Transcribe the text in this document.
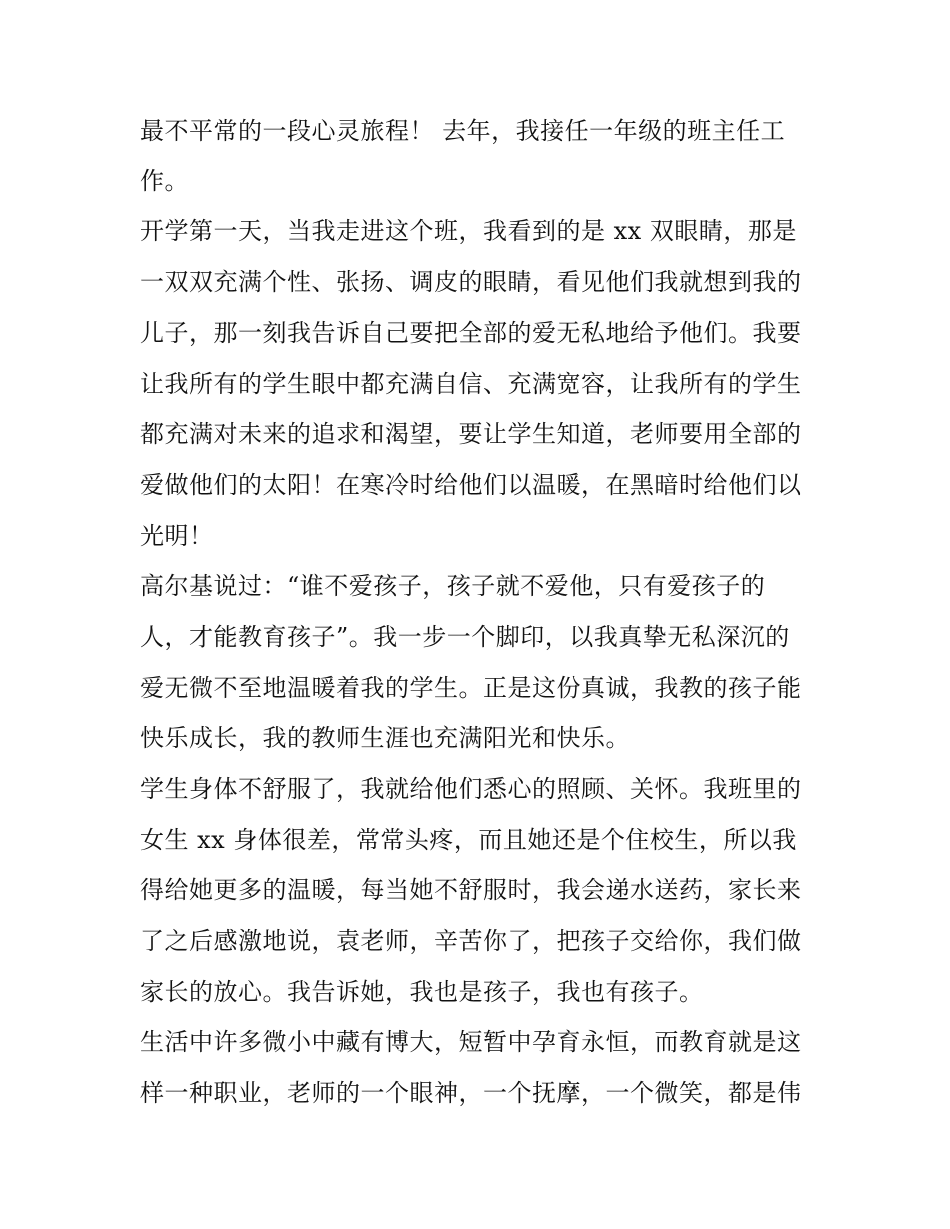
最不平常的一段心灵旅程！ 去年，我接任一年级的班主任工
作。
开学第一天，当我走进这个班，我看到的是 xx 双眼睛，那是
一双双充满个性、张扬、调皮的眼睛，看见他们我就想到我的
儿子，那一刻我告诉自己要把全部的爱无私地给予他们。我要
让我所有的学生眼中都充满自信、充满宽容，让我所有的学生
都充满对未来的追求和渴望，要让学生知道，老师要用全部的
爱做他们的太阳！在寒冷时给他们以温暖，在黑暗时给他们以
光明！
高尔基说过：“谁不爱孩子，孩子就不爱他，只有爱孩子的
人，才能教育孩子”。我一步一个脚印，以我真挚无私深沉的
爱无微不至地温暖着我的学生。正是这份真诚，我教的孩子能
快乐成长，我的教师生涯也充满阳光和快乐。
学生身体不舒服了，我就给他们悉心的照顾、关怀。我班里的
女生 xx 身体很差，常常头疼，而且她还是个住校生，所以我
得给她更多的温暖，每当她不舒服时，我会递水送药，家长来
了之后感激地说，袁老师，辛苦你了，把孩子交给你，我们做
家长的放心。我告诉她，我也是孩子，我也有孩子。
生活中许多微小中藏有博大，短暂中孕育永恒，而教育就是这
样一种职业，老师的一个眼神，一个抚摩，一个微笑，都是伟
